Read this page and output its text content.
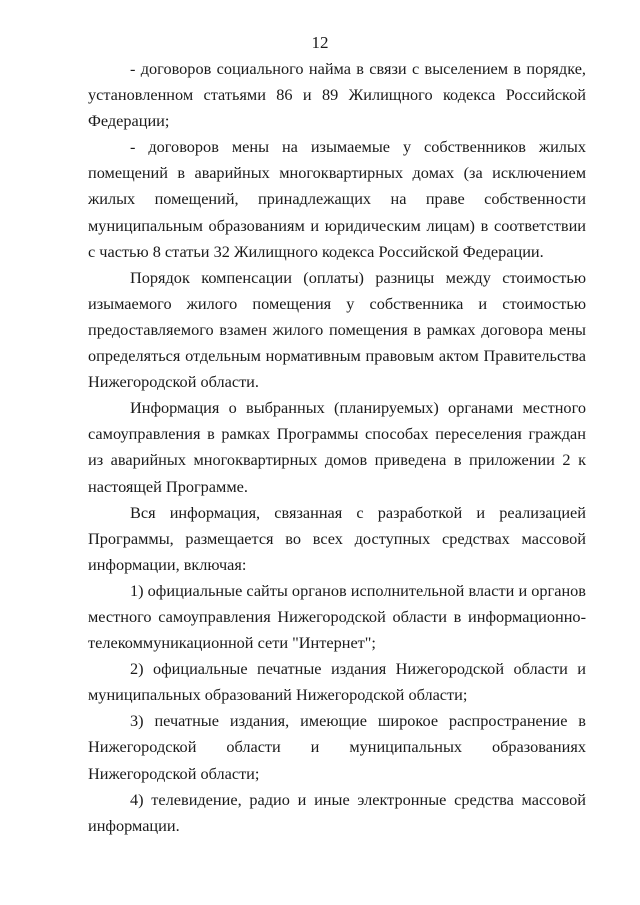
12

- договоров социального найма в связи с выселением в порядке, установленном статьями 86 и 89 Жилищного кодекса Российской Федерации;

- договоров мены на изымаемые у собственников жилых помещений в аварийных многоквартирных домах (за исключением жилых помещений, принадлежащих на праве собственности муниципальным образованиям и юридическим лицам) в соответствии с частью 8 статьи 32 Жилищного кодекса Российской Федерации.

Порядок компенсации (оплаты) разницы между стоимостью изымаемого жилого помещения у собственника и стоимостью предоставляемого взамен жилого помещения в рамках договора мены определяться отдельным нормативным правовым актом Правительства Нижегородской области.

Информация о выбранных (планируемых) органами местного самоуправления в рамках Программы способах переселения граждан из аварийных многоквартирных домов приведена в приложении 2 к настоящей Программе.

Вся информация, связанная с разработкой и реализацией Программы, размещается во всех доступных средствах массовой информации, включая:

1) официальные сайты органов исполнительной власти и органов местного самоуправления Нижегородской области в информационно-телекоммуникационной сети "Интернет";

2) официальные печатные издания Нижегородской области и муниципальных образований Нижегородской области;

3) печатные издания, имеющие широкое распространение в Нижегородской области и муниципальных образованиях Нижегородской области;

4) телевидение, радио и иные электронные средства массовой информации.
